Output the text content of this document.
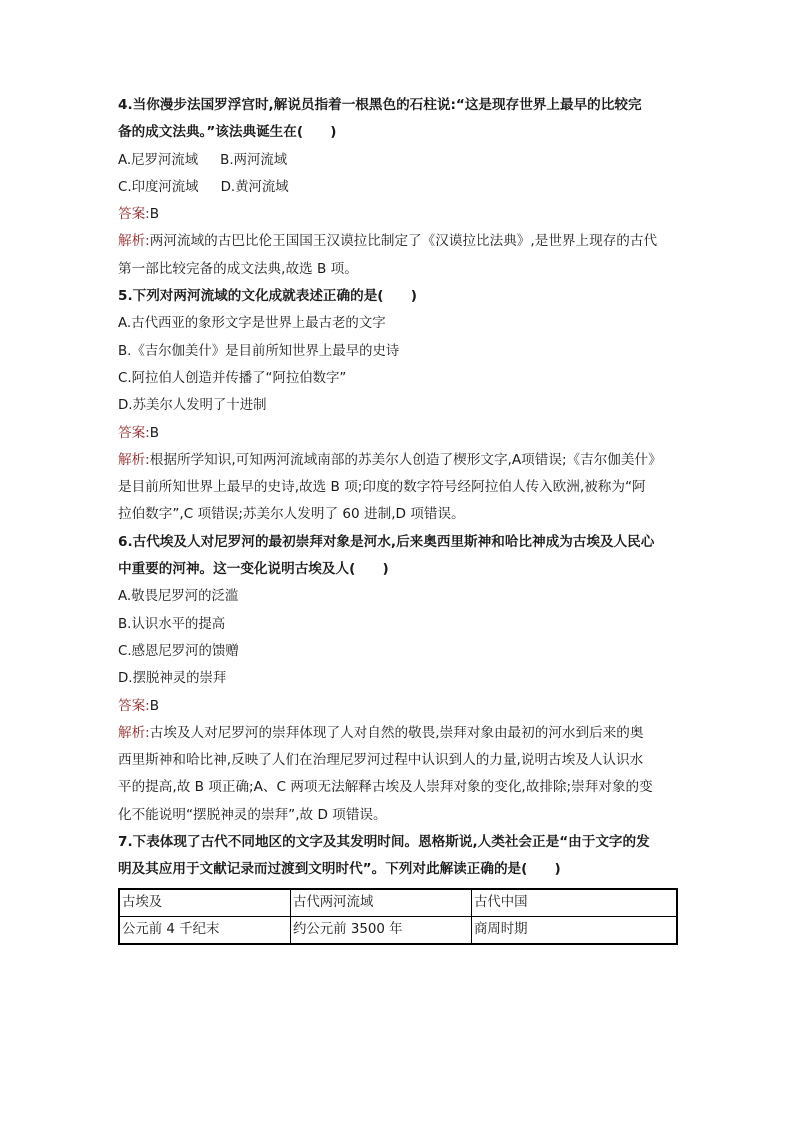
4.当你漫步法国罗浮宫时,解说员指着一根黑色的石柱说:“这是现存世界上最早的比较完
备的成文法典。”该法典诞生在(　　)
A.尼罗河流域 B.两河流域
C.印度河流域 D.黄河流域
答案:B
解析:两河流域的古巴比伦王国国王汉谟拉比制定了《汉谟拉比法典》,是世界上现存的古代
第一部比较完备的成文法典,故选 B 项。
5.下列对两河流域的文化成就表述正确的是(　　)
A.古代西亚的象形文字是世界上最古老的文字
B.《吉尔伽美什》是目前所知世界上最早的史诗
C.阿拉伯人创造并传播了“阿拉伯数字”
D.苏美尔人发明了十进制
答案:B
解析:根据所学知识,可知两河流域南部的苏美尔人创造了楔形文字,A项错误;《吉尔伽美什》
是目前所知世界上最早的史诗,故选 B 项;印度的数字符号经阿拉伯人传入欧洲,被称为“阿
拉伯数字”,C 项错误;苏美尔人发明了 60 进制,D 项错误。
6.古代埃及人对尼罗河的最初崇拜对象是河水,后来奥西里斯神和哈比神成为古埃及人民心
中重要的河神。这一变化说明古埃及人(　　)
A.敬畏尼罗河的泛滥
B.认识水平的提高
C.感恩尼罗河的馈赠
D.摆脱神灵的崇拜
答案:B
解析:古埃及人对尼罗河的崇拜体现了人对自然的敬畏,崇拜对象由最初的河水到后来的奥
西里斯神和哈比神,反映了人们在治理尼罗河过程中认识到人的力量,说明古埃及人认识水
平的提高,故 B 项正确;A、C 两项无法解释古埃及人崇拜对象的变化,故排除;崇拜对象的变
化不能说明“摆脱神灵的崇拜”,故 D 项错误。
7.下表体现了古代不同地区的文字及其发明时间。恩格斯说,人类社会正是“由于文字的发
明及其应用于文献记录而过渡到文明时代”。下列对此解读正确的是(　　)
古埃及	古代两河流域	古代中国
公元前 4 千纪末	约公元前 3500 年	商周时期
